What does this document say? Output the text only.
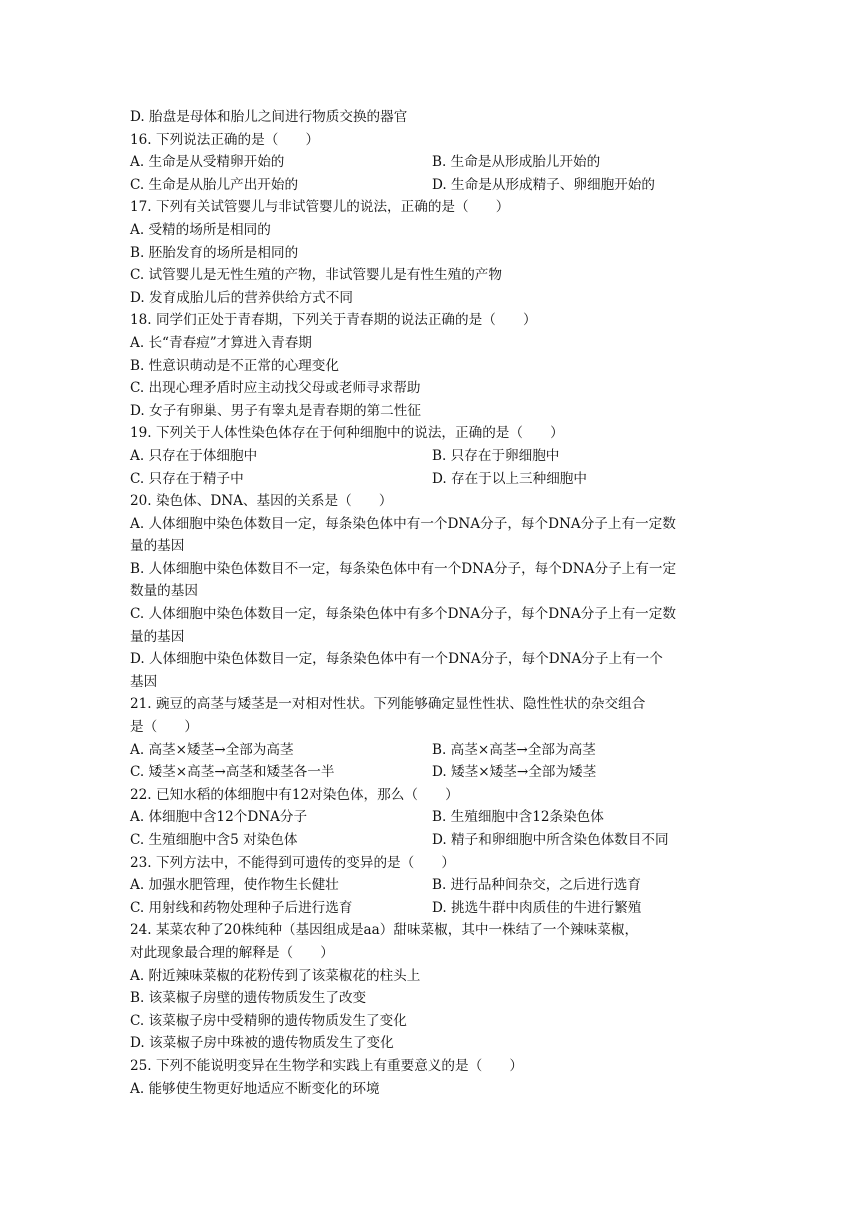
D. 胎盘是母体和胎儿之间进行物质交换的器官
16. 下列说法正确的是（　　）
A. 生命是从受精卵开始的	B. 生命是从形成胎儿开始的
C. 生命是从胎儿产出开始的	D. 生命是从形成精子、卵细胞开始的
17. 下列有关试管婴儿与非试管婴儿的说法，正确的是（　　）
A. 受精的场所是相同的
B. 胚胎发育的场所是相同的
C. 试管婴儿是无性生殖的产物，非试管婴儿是有性生殖的产物
D. 发育成胎儿后的营养供给方式不同
18. 同学们正处于青春期，下列关于青春期的说法正确的是（　　）
A. 长“青春痘”才算进入青春期
B. 性意识萌动是不正常的心理变化
C. 出现心理矛盾时应主动找父母或老师寻求帮助
D. 女子有卵巢、男子有睾丸是青春期的第二性征
19. 下列关于人体性染色体存在于何种细胞中的说法，正确的是（　　）
A. 只存在于体细胞中	B. 只存在于卵细胞中
C. 只存在于精子中	D. 存在于以上三种细胞中
20. 染色体、DNA、基因的关系是（　　）
A. 人体细胞中染色体数目一定，每条染色体中有一个DNA分子，每个DNA分子上有一定数
量的基因
B. 人体细胞中染色体数目不一定，每条染色体中有一个DNA分子，每个DNA分子上有一定
数量的基因
C. 人体细胞中染色体数目一定，每条染色体中有多个DNA分子，每个DNA分子上有一定数
量的基因
D. 人体细胞中染色体数目一定，每条染色体中有一个DNA分子，每个DNA分子上有一个
基因
21. 豌豆的高茎与矮茎是一对相对性状。下列能够确定显性性状、隐性性状的杂交组合
是（　　）
A. 高茎×矮茎→全部为高茎	B. 高茎×高茎→全部为高茎
C. 矮茎×高茎→高茎和矮茎各一半	D. 矮茎×矮茎→全部为矮茎
22. 已知水稻的体细胞中有12对染色体，那么（　　）
A. 体细胞中含12个DNA分子	B. 生殖细胞中含12条染色体
C. 生殖细胞中含5 对染色体	D. 精子和卵细胞中所含染色体数目不同
23. 下列方法中，不能得到可遗传的变异的是（　　）
A. 加强水肥管理，使作物生长健壮	B. 进行品种间杂交，之后进行选育
C. 用射线和药物处理种子后进行选育	D. 挑选牛群中肉质佳的牛进行繁殖
24. 某菜农种了20株纯种（基因组成是aa）甜味菜椒，其中一株结了一个辣味菜椒，
对此现象最合理的解释是（　　）
A. 附近辣味菜椒的花粉传到了该菜椒花的柱头上
B. 该菜椒子房壁的遗传物质发生了改变
C. 该菜椒子房中受精卵的遗传物质发生了变化
D. 该菜椒子房中珠被的遗传物质发生了变化
25. 下列不能说明变异在生物学和实践上有重要意义的是（　　）
A. 能够使生物更好地适应不断变化的环境
